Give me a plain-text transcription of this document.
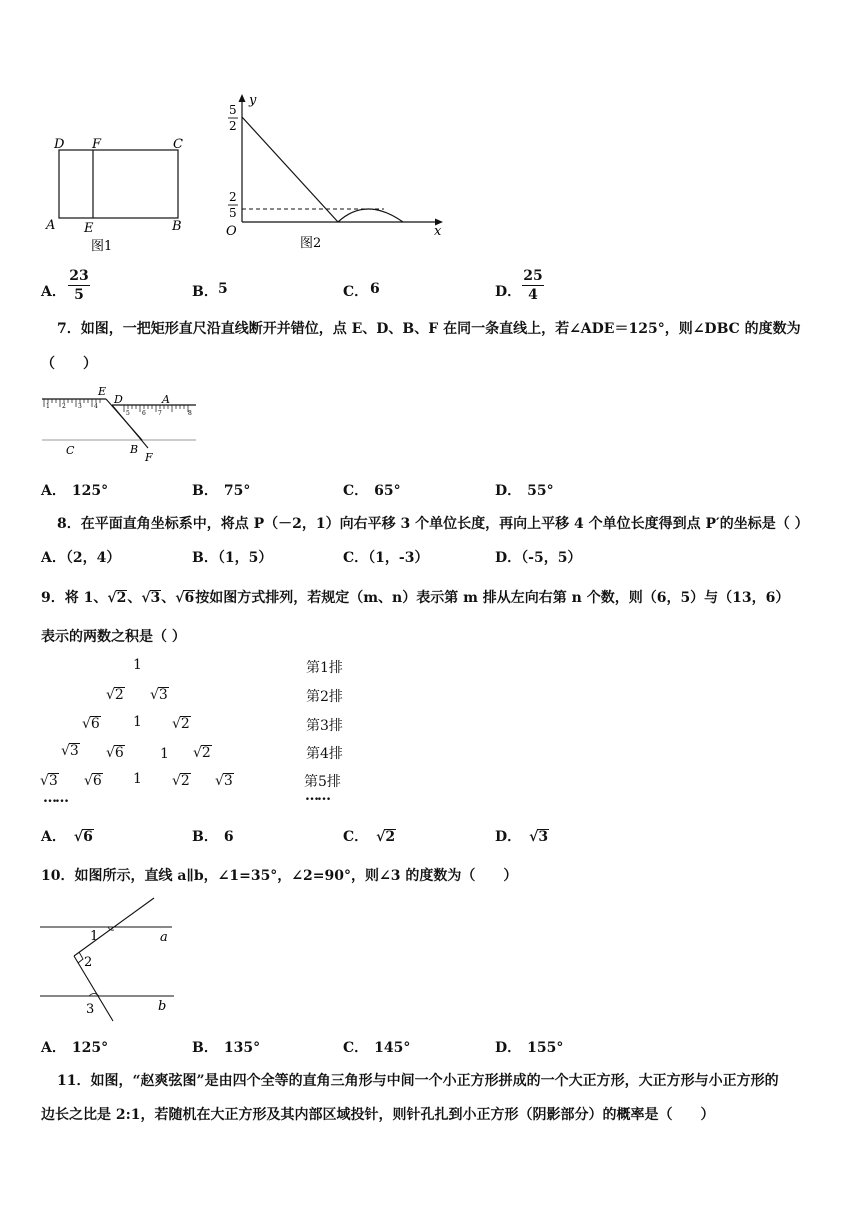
D F	C
A E	B
图1
y
x
O
5
2
2
5
图2
A．
23
5	B． 5	C． 6	D．
25
4
7．如图，一把矩形直尺沿直线断开并错位，点 E、D、B、F 在同一条直线上，若∠ADE＝125°，则∠DBC 的度数为
（　　）
1 2 3 4
5 6 7	8
E
D	A
C	B
F
A． 125°	B． 75°	C． 65°	D． 55°
8．在平面直角坐标系中，将点 P（－2，1）向右平移 3 个单位长度，再向上平移 4 个单位长度得到点 P′的坐标是（ ）
A．（2，4）	B．（1，5）	C．（1，-3）	D．（-5，5）
9．将 1、√2、√3、√6按如图方式排列，若规定（m、n）表示第 m 排从左向右第 n 个数，则（6，5）与（13，6）
表示的两数之积是（ ）
1
√2 √3
√6 1 √2
√3 √6	1 √2
√3 √6 1 √2 √3
……
第1排
第2排
第3排
第4排
第5排
……
A． √6	B． 6	C． √2	D． √3
10．如图所示，直线 a∥b，∠1=35°，∠2=90°，则∠3 的度数为（　　）
1
2
3
a
b
A． 125°	B． 135°	C． 145°	D． 155°
11．如图，“赵爽弦图”是由四个全等的直角三角形与中间一个小正方形拼成的一个大正方形，大正方形与小正方形的
边长之比是 2:1，若随机在大正方形及其内部区域投针，则针孔扎到小正方形（阴影部分）的概率是（　　）
